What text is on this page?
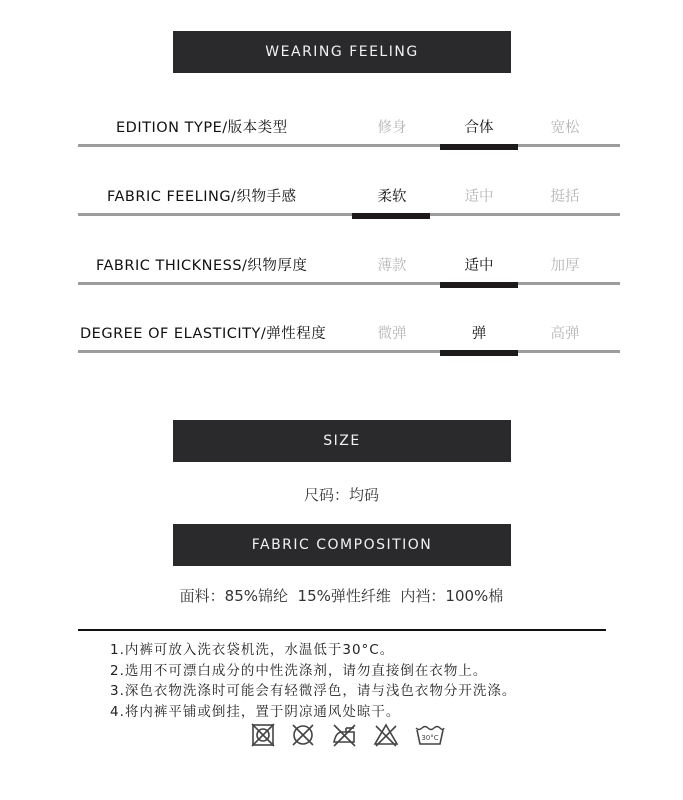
WEARING FEELING
EDITION TYPE/版本类型	修身	合体	宽松
FABRIC FEELING/织物手感	柔软	适中	挺括
FABRIC THICKNESS/织物厚度	薄款	适中	加厚
DEGREE OF ELASTICITY/弹性程度	微弹	弹	高弹
SIZE
尺码：均码
FABRIC COMPOSITION
面料：85%锦纶  15%弹性纤维  内裆：100%棉
1.内裤可放入洗衣袋机洗，水温低于30°C。
2.选用不可漂白成分的中性洗涤剂，请勿直接倒在衣物上。
3.深色衣物洗涤时可能会有轻微浮色，请与浅色衣物分开洗涤。
4.将内裤平铺或倒挂，置于阴凉通风处晾干。
30°C
